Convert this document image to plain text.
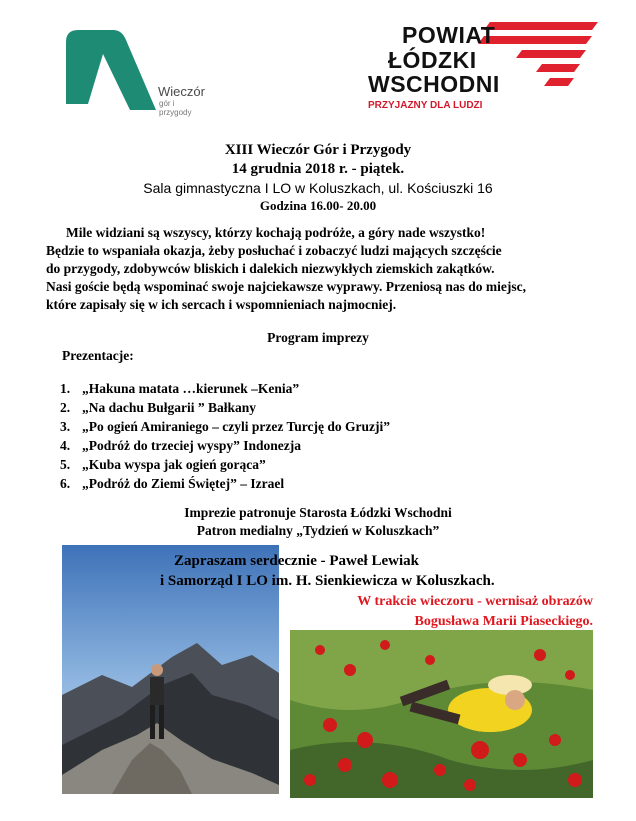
Wieczór
gór i przygody
POWIAT
ŁÓDZKI
WSCHODNI
PRZYJAZNY DLA LUDZI
XIII Wieczór Gór i Przygody
14 grudnia 2018 r. - piątek.
Sala gimnastyczna I LO w Koluszkach, ul. Kościuszki 16
Godzina 16.00- 20.00

Mile widziani są wszyscy, którzy kochają podróże, a góry nade wszystko!

Będzie to wspaniała okazja, żeby posłuchać i zobaczyć ludzi mających szczęście

do przygody, zdobywców bliskich i dalekich niezwykłych ziemskich zakątków.

Nasi goście będą wspominać swoje najciekawsze wyprawy. Przeniosą nas do miejsc,

które zapisały się w ich sercach i wspomnieniach najmocniej.

Program imprezy
Prezentacje:
1. „Hakuna matata …kierunek –Kenia”
2. „Na dachu Bułgarii ” Bałkany
3. „Po ogień Amiraniego – czyli przez Turcję do Gruzji”
4. „Podróż do trzeciej wyspy” Indonezja
5. „Kuba wyspa jak ogień gorąca”
6. „Podróż do Ziemi Świętej” – Izrael
Imprezie patronuje Starosta Łódzki Wschodni
Patron medialny „Tydzień w Koluszkach”
Zapraszam serdecznie - Paweł Lewiak
i Samorząd I LO im. H. Sienkiewicza w Koluszkach.
W trakcie wieczoru - wernisaż obrazów
Bogusława Marii Piaseckiego.
